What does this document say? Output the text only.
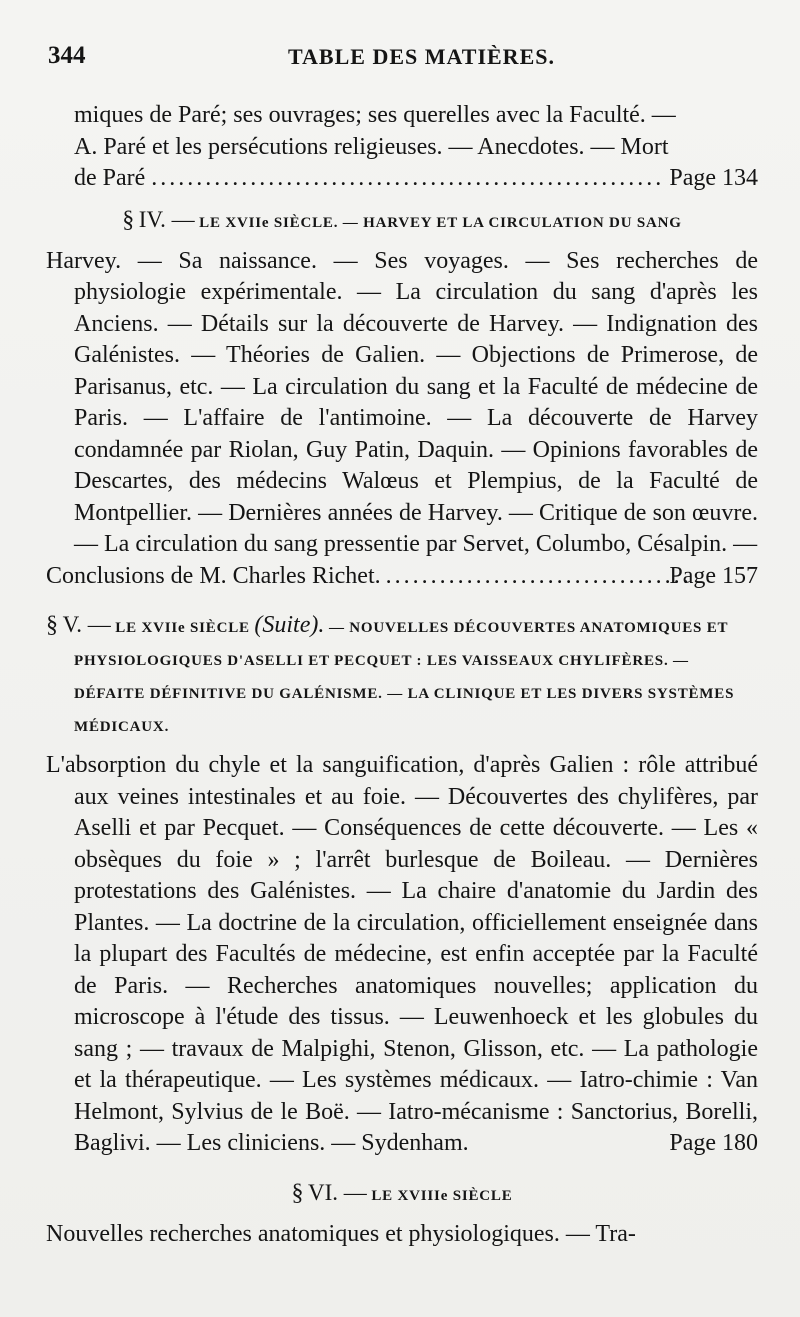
344	TABLE DES MATIÈRES.

miques de Paré; ses ouvrages; ses querelles avec la Faculté. —

A. Paré et les persécutions religieuses. — Anecdotes. — Mort

de Paré .....	Page 134

§ IV. — LE XVIIe SIÈCLE. — HARVEY ET LA CIRCULATION DU SANG

Harvey. — Sa naissance. — Ses voyages. — Ses recherches de physiologie expérimentale. — La circulation du sang d'après les Anciens. — Détails sur la découverte de Harvey. — Indignation des Galénistes. — Théories de Galien. — Objections de Primerose, de Parisanus, etc. — La circulation du sang et la Faculté de médecine de Paris. — L'affaire de l'antimoine. — La découverte de Harvey condamnée par Riolan, Guy Patin, Daquin. — Opinions favorables de Descartes, des médecins Walœus et Plempius, de la Faculté de Montpellier. — Dernières années de Harvey. — Critique de son œuvre. — La circulation du sang pressentie par Servet, Columbo, Césalpin. —

Conclusions de M. Charles Richet. .....	Page 157

§ V. — LE XVIIe SIÈCLE (Suite). — NOUVELLES DÉCOUVERTES ANATOMIQUES ET PHYSIOLOGIQUES D'ASELLI ET PECQUET : LES VAISSEAUX CHYLIFÈRES. — DÉFAITE DÉFINITIVE DU GALÉNISME. — LA CLINIQUE ET LES DIVERS SYSTÈMES MÉDICAUX.

L'absorption du chyle et la sanguification, d'après Galien : rôle attribué aux veines intestinales et au foie. — Découvertes des chylifères, par Aselli et par Pecquet. — Conséquences de cette découverte. — Les « obsèques du foie » ; l'arrêt burlesque de Boileau. — Dernières protestations des Galénistes. — La chaire d'anatomie du Jardin des Plantes. — La doctrine de la circulation, officiellement enseignée dans la plupart des Facultés de médecine, est enfin acceptée par la Faculté de Paris. — Recherches anatomiques nouvelles; application du microscope à l'étude des tissus. — Leuwenhoeck et les globules du sang ; — travaux de Malpighi, Stenon, Glisson, etc. — La pathologie et la thérapeutique. — Les systèmes médicaux. — Iatro-chimie : Van Helmont, Sylvius de le Boë. — Iatro-mécanisme : Sanctorius, Borelli, Baglivi. — Les cliniciens. — Sydenham.	Page 180

§ VI. — LE XVIIIe SIÈCLE

Nouvelles recherches anatomiques et physiologiques. — Tra-
